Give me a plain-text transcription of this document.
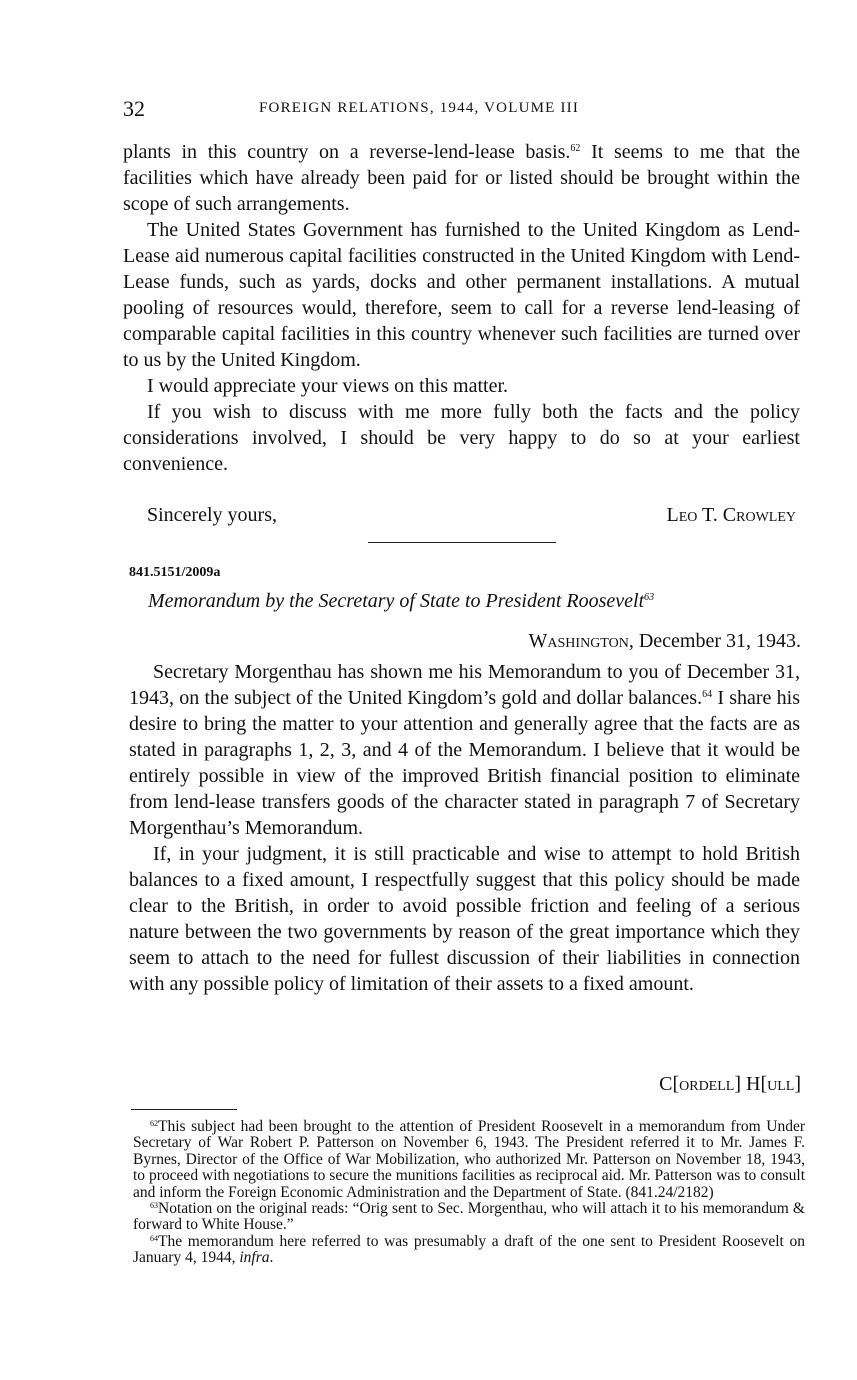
32	FOREIGN RELATIONS, 1944, VOLUME III

plants in this country on a reverse-lend-lease basis.$^{62}$ It seems to me that the facilities which have already been paid for or listed should be brought within the scope of such arrangements.

The United States Government has furnished to the United Kingdom as Lend-Lease aid numerous capital facilities constructed in the United Kingdom with Lend-Lease funds, such as yards, docks and other permanent installations. A mutual pooling of resources would, therefore, seem to call for a reverse lend-leasing of comparable capital facilities in this country whenever such facilities are turned over to us by the United Kingdom.

I would appreciate your views on this matter.

If you wish to discuss with me more fully both the facts and the policy considerations involved, I should be very happy to do so at your earliest convenience.

Sincerely yours,	Leo T. Crowley
841.5151/2009a
Memorandum by the Secretary of State to President Roosevelt$^{63}$
Washington, December 31, 1943.

Secretary Morgenthau has shown me his Memorandum to you of December 31, 1943, on the subject of the United Kingdom’s gold and dollar balances.$^{64}$ I share his desire to bring the matter to your attention and generally agree that the facts are as stated in paragraphs 1, 2, 3, and 4 of the Memorandum. I believe that it would be entirely possible in view of the improved British financial position to eliminate from lend-lease transfers goods of the character stated in paragraph 7 of Secretary Morgenthau’s Memorandum.

If, in your judgment, it is still practicable and wise to attempt to hold British balances to a fixed amount, I respectfully suggest that this policy should be made clear to the British, in order to avoid possible friction and feeling of a serious nature between the two governments by reason of the great importance which they seem to attach to the need for fullest discussion of their liabilities in connection with any possible policy of limitation of their assets to a fixed amount.

C[ordell] H[ull]

$^{62}$This subject had been brought to the attention of President Roosevelt in a memorandum from Under Secretary of War Robert P. Patterson on November 6, 1943. The President referred it to Mr. James F. Byrnes, Director of the Office of War Mobilization, who authorized Mr. Patterson on November 18, 1943, to proceed with negotiations to secure the munitions facilities as reciprocal aid. Mr. Patterson was to consult and inform the Foreign Economic Administration and the Department of State. (841.24/2182)

$^{63}$Notation on the original reads: “Orig sent to Sec. Morgenthau, who will attach it to his memorandum & forward to White House.”

$^{64}$The memorandum here referred to was presumably a draft of the one sent to President Roosevelt on January 4, 1944, infra.
